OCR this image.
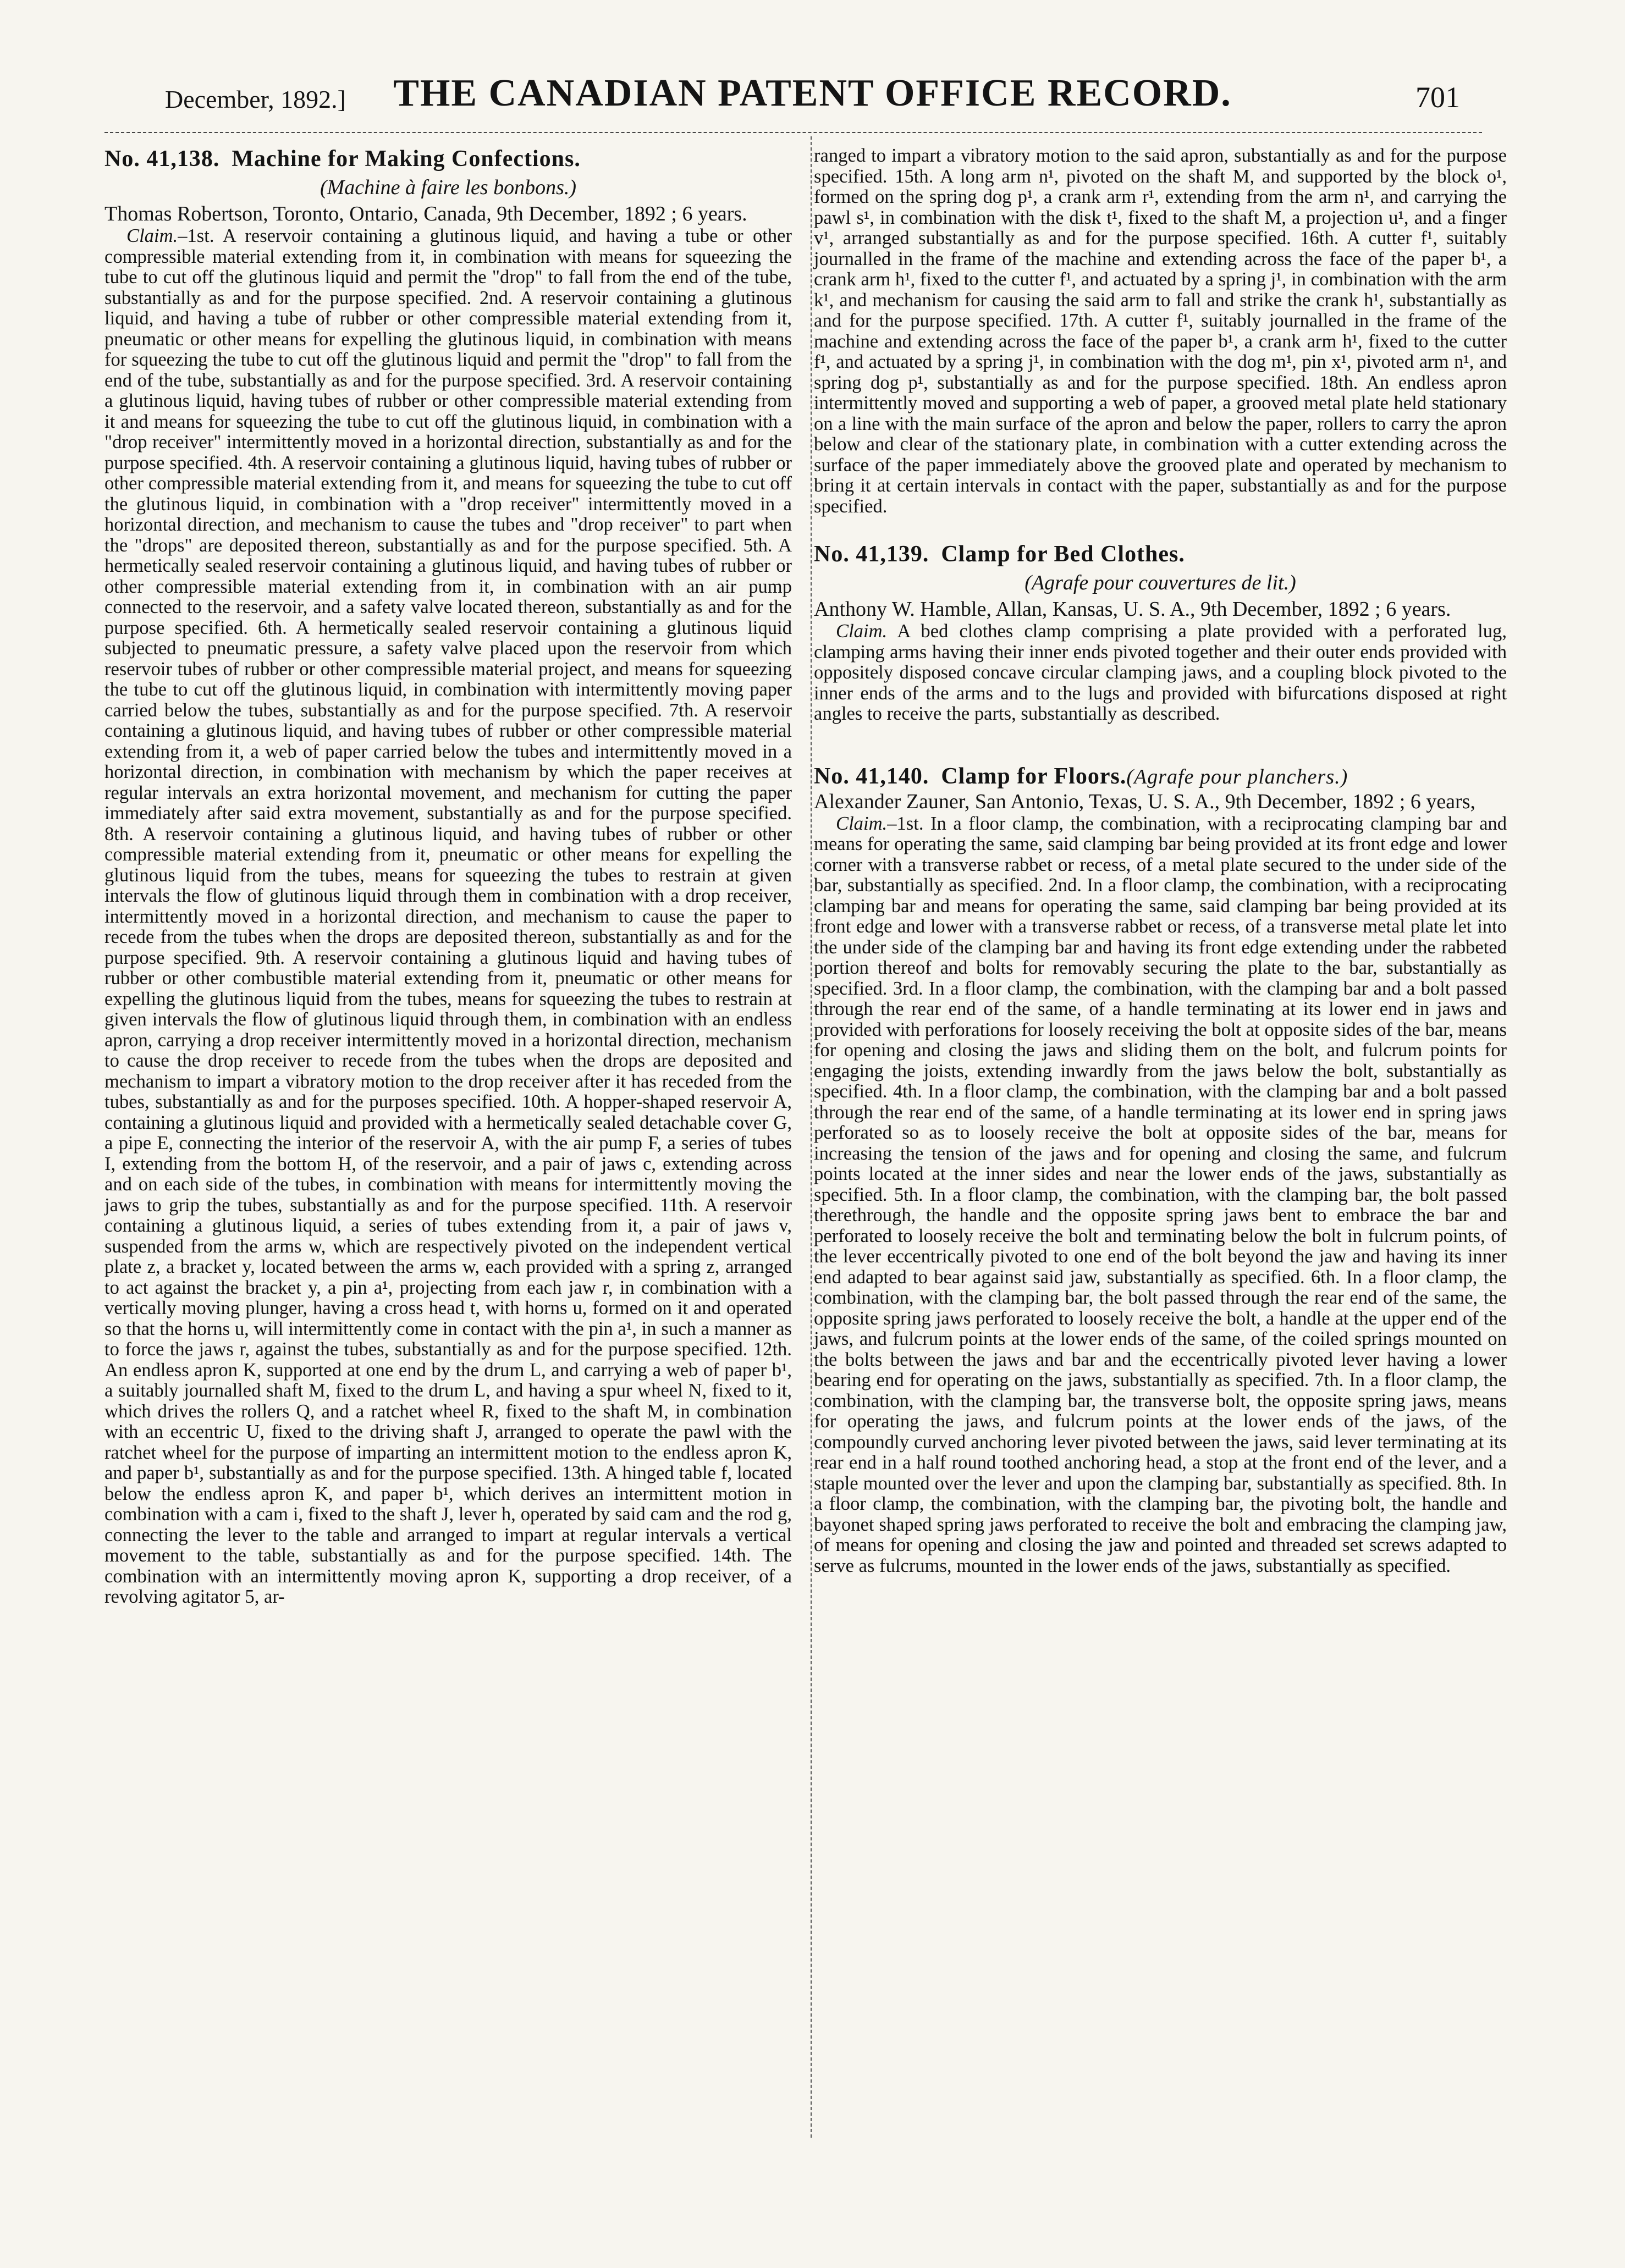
December, 1892.]	THE CANADIAN PATENT OFFICE RECORD.	701

No. 41,138. Machine for Making Confections.

(Machine à faire les bonbons.)

Thomas Robertson, Toronto, Ontario, Canada, 9th December, 1892 ; 6 years.

Claim.–1st. A reservoir containing a glutinous liquid, and having a tube or other compressible material extending from it, in combination with means for squeezing the tube to cut off the glutinous liquid and permit the "drop" to fall from the end of the tube, substantially as and for the purpose specified. 2nd. A reservoir containing a glutinous liquid, and having a tube of rubber or other compressible material extending from it, pneumatic or other means for expelling the glutinous liquid, in combination with means for squeezing the tube to cut off the glutinous liquid and permit the "drop" to fall from the end of the tube, substantially as and for the purpose specified. 3rd. A reservoir containing a glutinous liquid, having tubes of rubber or other compressible material extending from it and means for squeezing the tube to cut off the glutinous liquid, in combination with a "drop receiver" intermittently moved in a horizontal direction, substantially as and for the purpose specified. 4th. A reservoir containing a glutinous liquid, having tubes of rubber or other compressible material extending from it, and means for squeezing the tube to cut off the glutinous liquid, in combination with a "drop receiver" intermittently moved in a horizontal direction, and mechanism to cause the tubes and "drop receiver" to part when the "drops" are deposited thereon, substantially as and for the purpose specified. 5th. A hermetically sealed reservoir containing a glutinous liquid, and having tubes of rubber or other compressible material extending from it, in combination with an air pump connected to the reservoir, and a safety valve located thereon, substantially as and for the purpose specified. 6th. A hermetically sealed reservoir containing a glutinous liquid subjected to pneumatic pressure, a safety valve placed upon the reservoir from which reservoir tubes of rubber or other compressible material project, and means for squeezing the tube to cut off the glutinous liquid, in combination with intermittently moving paper carried below the tubes, substantially as and for the purpose specified. 7th. A reservoir containing a glutinous liquid, and having tubes of rubber or other compressible material extending from it, a web of paper carried below the tubes and intermittently moved in a horizontal direction, in combination with mechanism by which the paper receives at regular intervals an extra horizontal movement, and mechanism for cutting the paper immediately after said extra movement, substantially as and for the purpose specified. 8th. A reservoir containing a glutinous liquid, and having tubes of rubber or other compressible material extending from it, pneumatic or other means for expelling the glutinous liquid from the tubes, means for squeezing the tubes to restrain at given intervals the flow of glutinous liquid through them in combination with a drop receiver, intermittently moved in a horizontal direction, and mechanism to cause the paper to recede from the tubes when the drops are deposited thereon, substantially as and for the purpose specified. 9th. A reservoir containing a glutinous liquid and having tubes of rubber or other combustible material extending from it, pneumatic or other means for expelling the glutinous liquid from the tubes, means for squeezing the tubes to restrain at given intervals the flow of glutinous liquid through them, in combination with an endless apron, carrying a drop receiver intermittently moved in a horizontal direction, mechanism to cause the drop receiver to recede from the tubes when the drops are deposited and mechanism to impart a vibratory motion to the drop receiver after it has receded from the tubes, substantially as and for the purposes specified. 10th. A hopper-shaped reservoir A, containing a glutinous liquid and provided with a hermetically sealed detachable cover G, a pipe E, connecting the interior of the reservoir A, with the air pump F, a series of tubes I, extending from the bottom H, of the reservoir, and a pair of jaws c, extending across and on each side of the tubes, in combination with means for intermittently moving the jaws to grip the tubes, substantially as and for the purpose specified. 11th. A reservoir containing a glutinous liquid, a series of tubes extending from it, a pair of jaws v, suspended from the arms w, which are respectively pivoted on the independent vertical plate z, a bracket y, located between the arms w, each provided with a spring z, arranged to act against the bracket y, a pin a¹, projecting from each jaw r, in combination with a vertically moving plunger, having a cross head t, with horns u, formed on it and operated so that the horns u, will intermittently come in contact with the pin a¹, in such a manner as to force the jaws r, against the tubes, substantially as and for the purpose specified. 12th. An endless apron K, supported at one end by the drum L, and carrying a web of paper b¹, a suitably journalled shaft M, fixed to the drum L, and having a spur wheel N, fixed to it, which drives the rollers Q, and a ratchet wheel R, fixed to the shaft M, in combination with an eccentric U, fixed to the driving shaft J, arranged to operate the pawl with the ratchet wheel for the purpose of imparting an intermittent motion to the endless apron K, and paper b¹, substantially as and for the purpose specified. 13th. A hinged table f, located below the endless apron K, and paper b¹, which derives an intermittent motion in combination with a cam i, fixed to the shaft J, lever h, operated by said cam and the rod g, connecting the lever to the table and arranged to impart at regular intervals a vertical movement to the table, substantially as and for the purpose specified. 14th. The combination with an intermittently moving apron K, supporting a drop receiver, of a revolving agitator 5, ar-

ranged to impart a vibratory motion to the said apron, substantially as and for the purpose specified. 15th. A long arm n¹, pivoted on the shaft M, and supported by the block o¹, formed on the spring dog p¹, a crank arm r¹, extending from the arm n¹, and carrying the pawl s¹, in combination with the disk t¹, fixed to the shaft M, a projection u¹, and a finger v¹, arranged substantially as and for the purpose specified. 16th. A cutter f¹, suitably journalled in the frame of the machine and extending across the face of the paper b¹, a crank arm h¹, fixed to the cutter f¹, and actuated by a spring j¹, in combination with the arm k¹, and mechanism for causing the said arm to fall and strike the crank h¹, substantially as and for the purpose specified. 17th. A cutter f¹, suitably journalled in the frame of the machine and extending across the face of the paper b¹, a crank arm h¹, fixed to the cutter f¹, and actuated by a spring j¹, in combination with the dog m¹, pin x¹, pivoted arm n¹, and spring dog p¹, substantially as and for the purpose specified. 18th. An endless apron intermittently moved and supporting a web of paper, a grooved metal plate held stationary on a line with the main surface of the apron and below the paper, rollers to carry the apron below and clear of the stationary plate, in combination with a cutter extending across the surface of the paper immediately above the grooved plate and operated by mechanism to bring it at certain intervals in contact with the paper, substantially as and for the purpose specified.

No. 41,139. Clamp for Bed Clothes.

(Agrafe pour couvertures de lit.)

Anthony W. Hamble, Allan, Kansas, U. S. A., 9th December, 1892 ; 6 years.

Claim. A bed clothes clamp comprising a plate provided with a perforated lug, clamping arms having their inner ends pivoted together and their outer ends provided with oppositely disposed concave circular clamping jaws, and a coupling block pivoted to the inner ends of the arms and to the lugs and provided with bifurcations disposed at right angles to receive the parts, substantially as described.

No. 41,140. Clamp for Floors.(Agrafe pour planchers.)

Alexander Zauner, San Antonio, Texas, U. S. A., 9th December, 1892 ; 6 years,

Claim.–1st. In a floor clamp, the combination, with a reciprocating clamping bar and means for operating the same, said clamping bar being provided at its front edge and lower corner with a transverse rabbet or recess, of a metal plate secured to the under side of the bar, substantially as specified. 2nd. In a floor clamp, the combination, with a reciprocating clamping bar and means for operating the same, said clamping bar being provided at its front edge and lower with a transverse rabbet or recess, of a transverse metal plate let into the under side of the clamping bar and having its front edge extending under the rabbeted portion thereof and bolts for removably securing the plate to the bar, substantially as specified. 3rd. In a floor clamp, the combination, with the clamping bar and a bolt passed through the rear end of the same, of a handle terminating at its lower end in jaws and provided with perforations for loosely receiving the bolt at opposite sides of the bar, means for opening and closing the jaws and sliding them on the bolt, and fulcrum points for engaging the joists, extending inwardly from the jaws below the bolt, substantially as specified. 4th. In a floor clamp, the combination, with the clamping bar and a bolt passed through the rear end of the same, of a handle terminating at its lower end in spring jaws perforated so as to loosely receive the bolt at opposite sides of the bar, means for increasing the tension of the jaws and for opening and closing the same, and fulcrum points located at the inner sides and near the lower ends of the jaws, substantially as specified. 5th. In a floor clamp, the combination, with the clamping bar, the bolt passed therethrough, the handle and the opposite spring jaws bent to embrace the bar and perforated to loosely receive the bolt and terminating below the bolt in fulcrum points, of the lever eccentrically pivoted to one end of the bolt beyond the jaw and having its inner end adapted to bear against said jaw, substantially as specified. 6th. In a floor clamp, the combination, with the clamping bar, the bolt passed through the rear end of the same, the opposite spring jaws perforated to loosely receive the bolt, a handle at the upper end of the jaws, and fulcrum points at the lower ends of the same, of the coiled springs mounted on the bolts between the jaws and bar and the eccentrically pivoted lever having a lower bearing end for operating on the jaws, substantially as specified. 7th. In a floor clamp, the combination, with the clamping bar, the transverse bolt, the opposite spring jaws, means for operating the jaws, and fulcrum points at the lower ends of the jaws, of the compoundly curved anchoring lever pivoted between the jaws, said lever terminating at its rear end in a half round toothed anchoring head, a stop at the front end of the lever, and a staple mounted over the lever and upon the clamping bar, substantially as specified. 8th. In a floor clamp, the combination, with the clamping bar, the pivoting bolt, the handle and bayonet shaped spring jaws perforated to receive the bolt and embracing the clamping jaw, of means for opening and closing the jaw and pointed and threaded set screws adapted to serve as fulcrums, mounted in the lower ends of the jaws, substantially as specified.
